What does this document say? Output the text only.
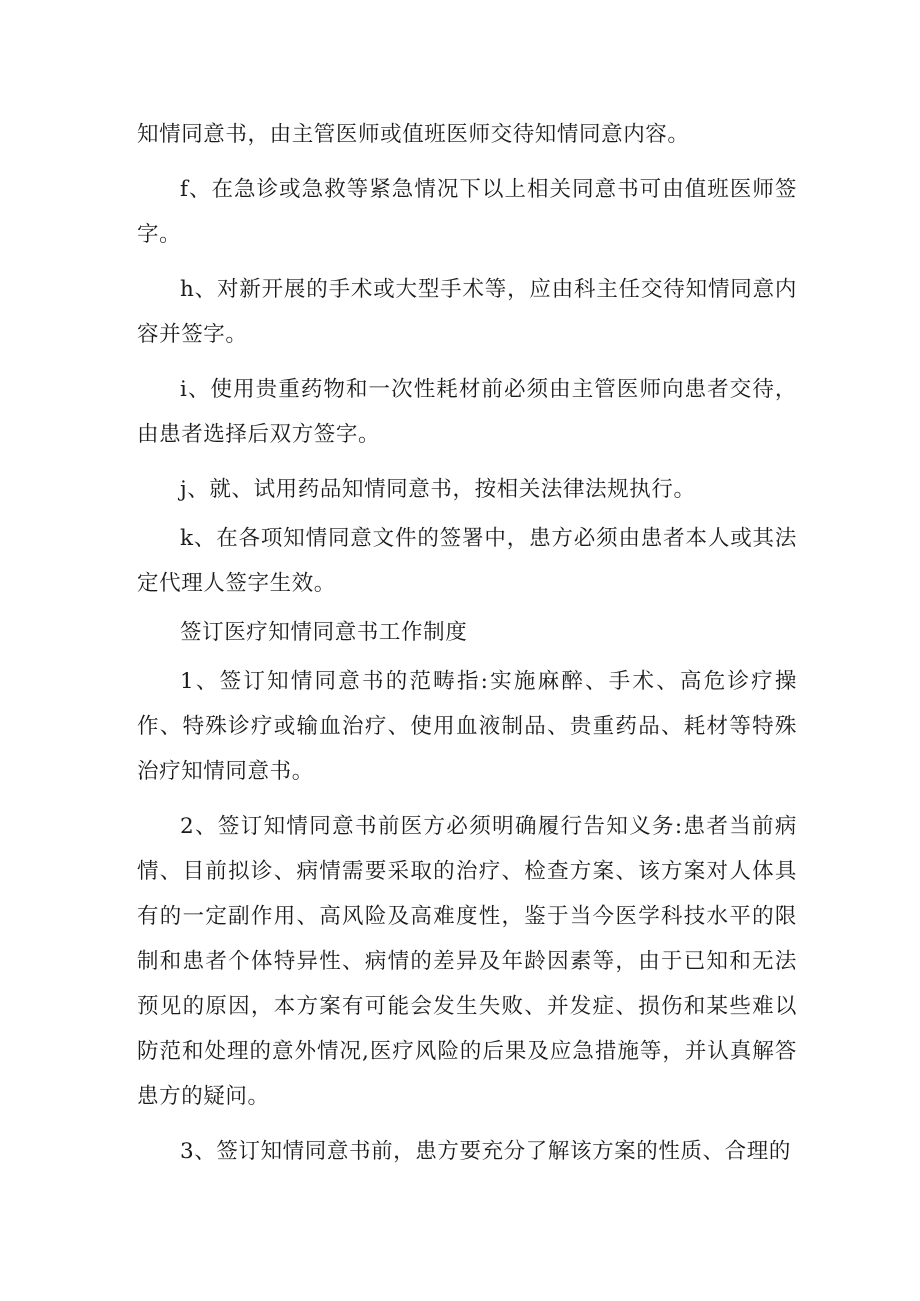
知情同意书，由主管医师或值班医师交待知情同意内容。

f、在急诊或急救等紧急情况下以上相关同意书可由值班医师签字。

h、对新开展的手术或大型手术等，应由科主任交待知情同意内容并签字。

i、使用贵重药物和一次性耗材前必须由主管医师向患者交待，由患者选择后双方签字。

j、就、试用药品知情同意书，按相关法律法规执行。

k、在各项知情同意文件的签署中，患方必须由患者本人或其法定代理人签字生效。

签订医疗知情同意书工作制度

1、签订知情同意书的范畴指:实施麻醉、手术、高危诊疗操作、特殊诊疗或输血治疗、使用血液制品、贵重药品、耗材等特殊治疗知情同意书。

2、签订知情同意书前医方必须明确履行告知义务:患者当前病情、目前拟诊、病情需要采取的治疗、检查方案、该方案对人体具有的一定副作用、高风险及高难度性，鉴于当今医学科技水平的限制和患者个体特异性、病情的差异及年龄因素等，由于已知和无法预见的原因，本方案有可能会发生失败、并发症、损伤和某些难以防范和处理的意外情况,医疗风险的后果及应急措施等，并认真解答患方的疑问。

3、签订知情同意书前，患方要充分了解该方案的性质、合理的
